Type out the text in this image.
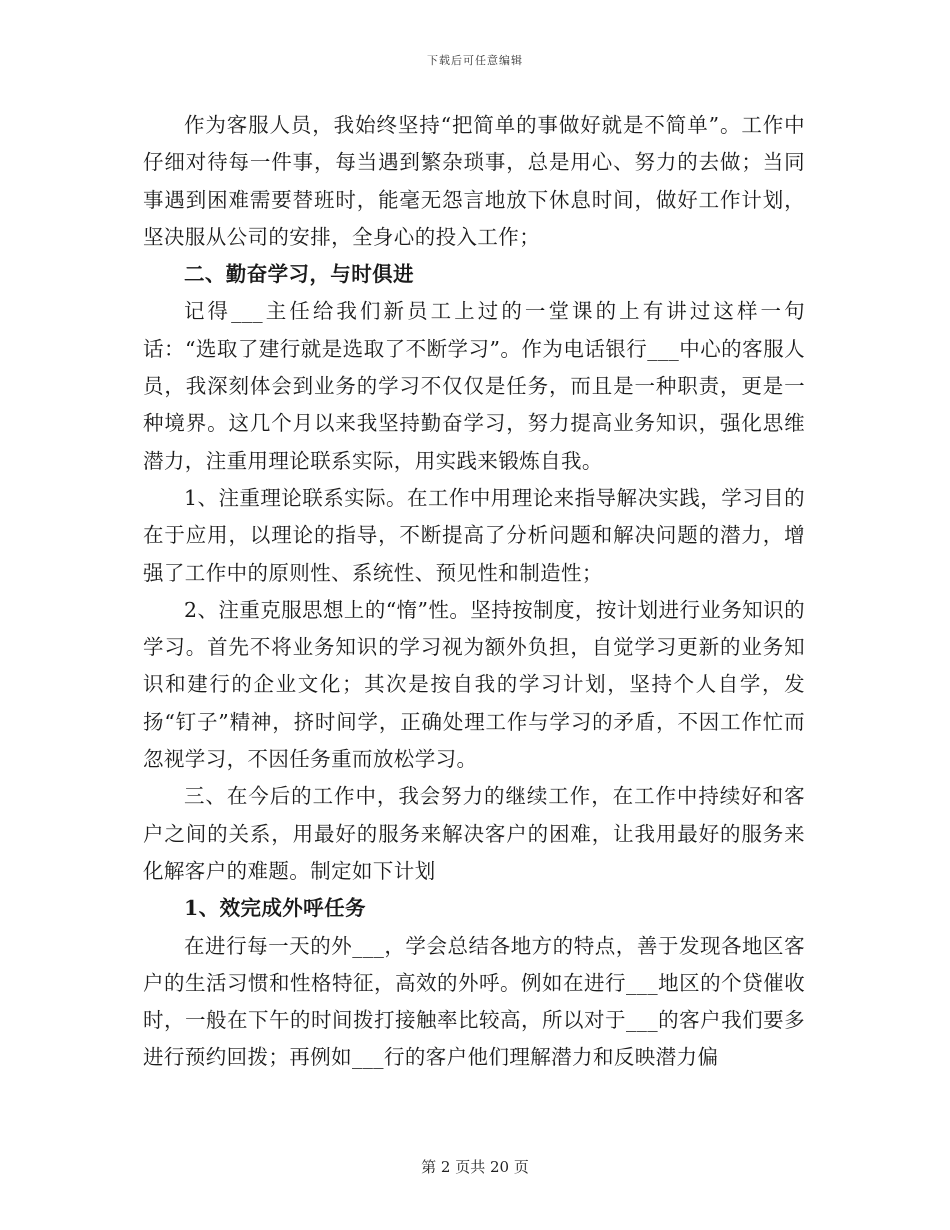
下载后可任意编辑

作为客服人员，我始终坚持“把简单的事做好就是不简单”。工作中仔细对待每一件事，每当遇到繁杂琐事，总是用心、努力的去做；当同事遇到困难需要替班时，能毫无怨言地放下休息时间，做好工作计划，坚决服从公司的安排，全身心的投入工作；

二、勤奋学习，与时俱进

记得___主任给我们新员工上过的一堂课的上有讲过这样一句话：“选取了建行就是选取了不断学习”。作为电话银行___中心的客服人员，我深刻体会到业务的学习不仅仅是任务，而且是一种职责，更是一种境界。这几个月以来我坚持勤奋学习，努力提高业务知识，强化思维潜力，注重用理论联系实际，用实践来锻炼自我。

1、注重理论联系实际。在工作中用理论来指导解决实践，学习目的在于应用，以理论的指导，不断提高了分析问题和解决问题的潜力，增强了工作中的原则性、系统性、预见性和制造性；

2、注重克服思想上的“惰”性。坚持按制度，按计划进行业务知识的学习。首先不将业务知识的学习视为额外负担，自觉学习更新的业务知识和建行的企业文化；其次是按自我的学习计划，坚持个人自学，发扬“钉子”精神，挤时间学，正确处理工作与学习的矛盾，不因工作忙而忽视学习，不因任务重而放松学习。

三、在今后的工作中，我会努力的继续工作，在工作中持续好和客户之间的关系，用最好的服务来解决客户的困难，让我用最好的服务来化解客户的难题。制定如下计划

1、效完成外呼任务

在进行每一天的外___，学会总结各地方的特点，善于发现各地区客户的生活习惯和性格特征，高效的外呼。例如在进行___地区的个贷催收时，一般在下午的时间拨打接触率比较高，所以对于___的客户我们要多进行预约回拨；再例如___行的客户他们理解潜力和反映潜力偏

第 2 页共 20 页
